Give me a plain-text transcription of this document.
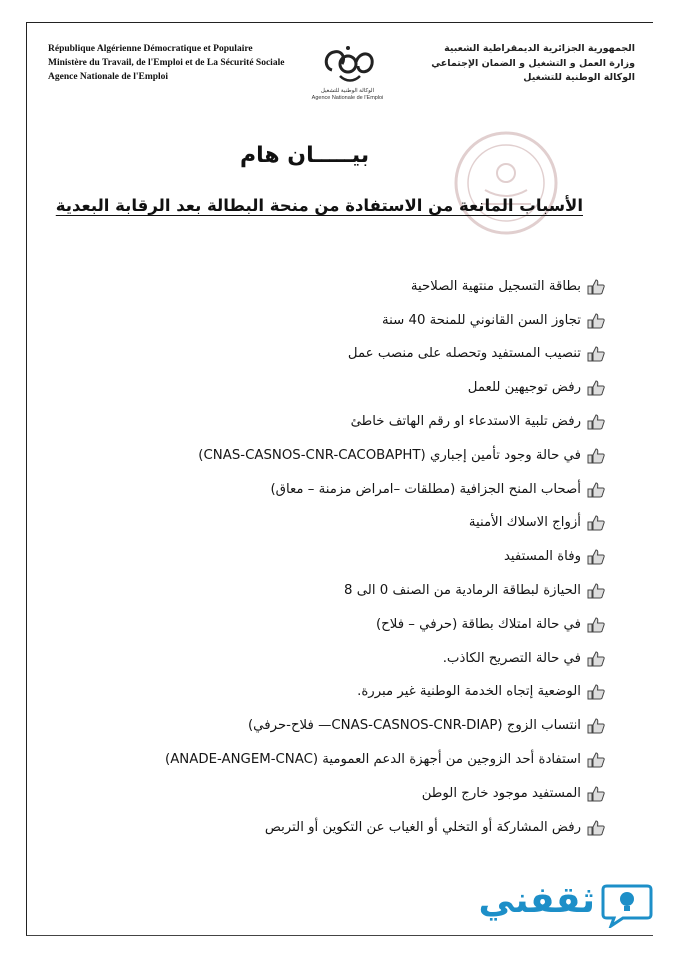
République Algérienne Démocratique et Populaire
Ministère du Travail, de l'Emploi et de La Sécurité Sociale
Agence Nationale de l'Emploi
الجمهورية الجزائرية الديمقراطية الشعبية
وزارة العمل و التشغيل و الضمان الإجتماعي
الوكالة الوطنية للتشغيل
الوكالة الوطنية للتشغيل
Agence Nationale de l'Emploi
بيـــــان هام
الأسباب المانعة من الاستفادة من منحة البطالة بعد الرقابة البعدية
بطاقة التسجيل منتهية الصلاحية
تجاوز السن القانوني للمنحة 40 سنة
تنصيب المستفيد وتحصله على منصب عمل
رفض توجيهين للعمل
رفض تلبية الاستدعاء او رقم الهاتف خاطئ
في حالة وجود تأمين إجباري (CNAS-CASNOS-CNR-CACOBAPHT)
أصحاب المنح الجزافية (مطلقات –امراض مزمنة – معاق)
أزواج الاسلاك الأمنية
وفاة المستفيد
الحيازة لبطاقة الرمادية من الصنف 0 الى 8
في حالة امتلاك بطاقة (حرفي – فلاح)
في حالة التصريح الكاذب.
الوضعية إتجاه الخدمة الوطنية غير مبررة.
انتساب الزوج (CNAS-CASNOS-CNR-DIAP— فلاح-حرفي)
استفادة أحد الزوجين من أجهزة الدعم العمومية (ANADE-ANGEM-CNAC)
المستفيد موجود خارج الوطن
رفض المشاركة أو التخلي أو الغياب عن التكوين أو التربص
ثقفني
